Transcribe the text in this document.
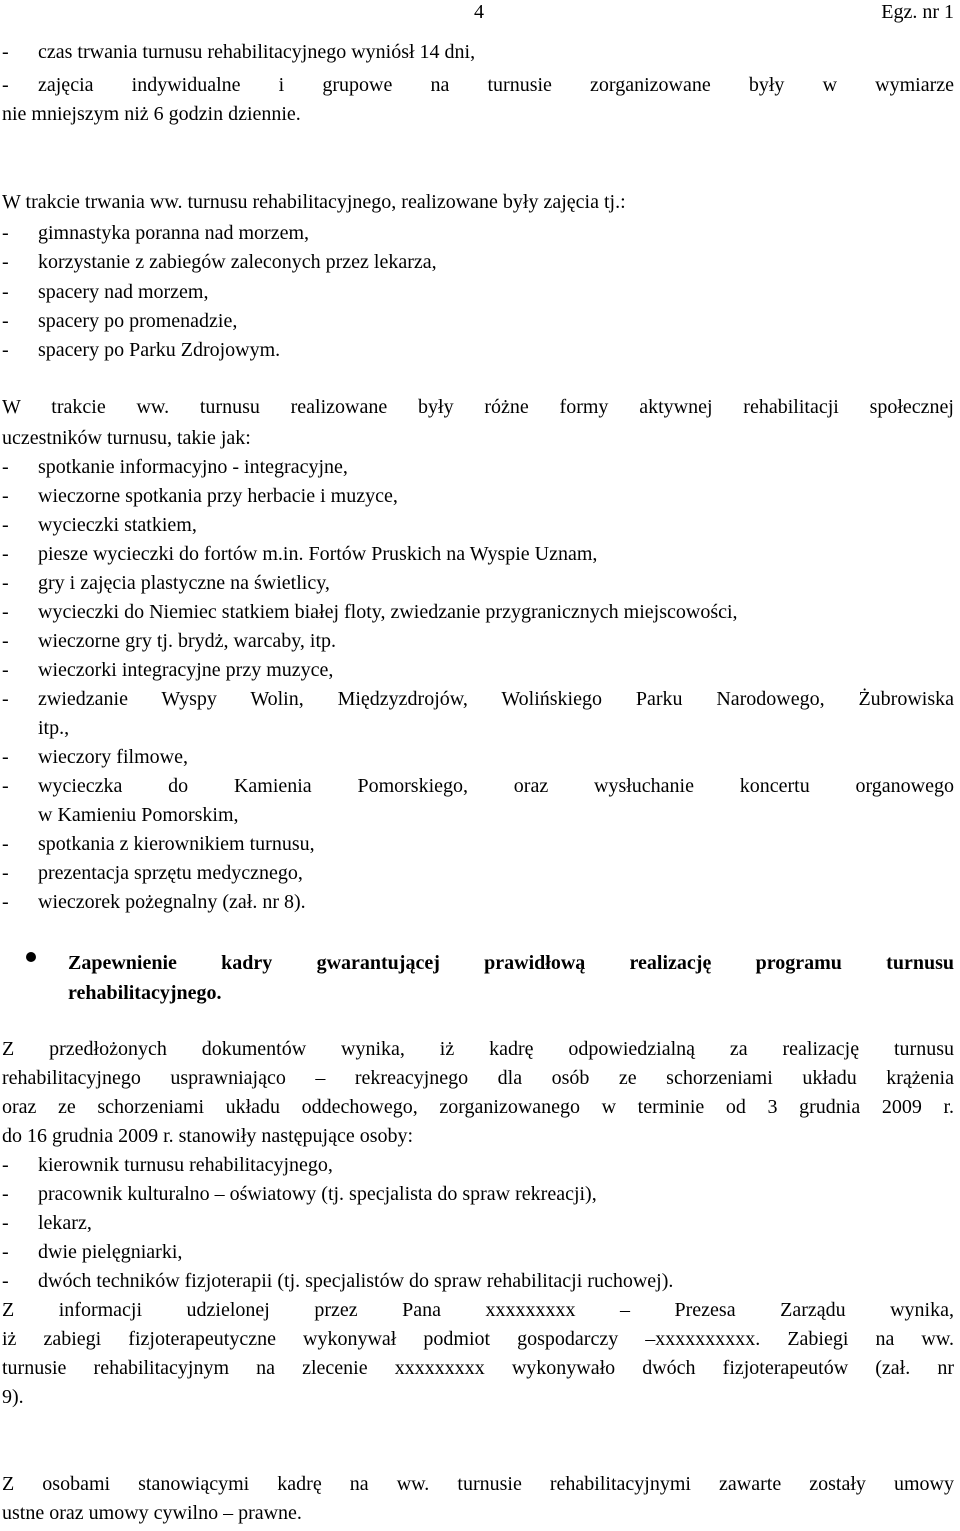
4	Egz. nr 1
- czas trwania turnusu rehabilitacyjnego wyniósł 14 dni,
- zajęcia indywidualne i grupowe na turnusie zorganizowane były w wymiarze
nie mniejszym niż 6 godzin dziennie.
W trakcie trwania ww. turnusu rehabilitacyjnego, realizowane były zajęcia tj.:
- gimnastyka poranna nad morzem,
- korzystanie z zabiegów zaleconych przez lekarza,
- spacery nad morzem,
- spacery po promenadzie,
- spacery po Parku Zdrojowym.
W trakcie ww. turnusu realizowane były różne formy aktywnej rehabilitacji społecznej
uczestników turnusu, takie jak:
- spotkanie informacyjno - integracyjne,
- wieczorne spotkania przy herbacie i muzyce,
- wycieczki statkiem,
- piesze wycieczki do fortów m.in. Fortów Pruskich na Wyspie Uznam,
- gry i zajęcia plastyczne na świetlicy,
- wycieczki do Niemiec statkiem białej floty, zwiedzanie przygranicznych miejscowości,
- wieczorne gry tj. brydż, warcaby, itp.
- wieczorki integracyjne przy muzyce,
- zwiedzanie Wyspy Wolin, Międzyzdrojów, Wolińskiego Parku Narodowego, Żubrowiska
itp.,
- wieczory filmowe,
- wycieczka do Kamienia Pomorskiego, oraz wysłuchanie koncertu organowego
w Kamieniu Pomorskim,
- spotkania z kierownikiem turnusu,
- prezentacja sprzętu medycznego,
- wieczorek pożegnalny (zał. nr 8).
Zapewnienie kadry gwarantującej prawidłową realizację programu turnusu
rehabilitacyjnego.
Z przedłożonych dokumentów wynika, iż kadrę odpowiedzialną za realizację turnusu
rehabilitacyjnego usprawniająco – rekreacyjnego dla osób ze schorzeniami układu krążenia
oraz ze schorzeniami układu oddechowego, zorganizowanego w terminie od 3 grudnia 2009 r.
do 16 grudnia 2009 r. stanowiły następujące osoby:
- kierownik turnusu rehabilitacyjnego,
- pracownik kulturalno – oświatowy (tj. specjalista do spraw rekreacji),
- lekarz,
- dwie pielęgniarki,
- dwóch techników fizjoterapii (tj. specjalistów do spraw rehabilitacji ruchowej).
Z informacji udzielonej przez Pana xxxxxxxxx – Prezesa Zarządu wynika,
iż zabiegi fizjoterapeutyczne wykonywał podmiot gospodarczy –xxxxxxxxxx. Zabiegi na ww.
turnusie rehabilitacyjnym na zlecenie xxxxxxxxx wykonywało dwóch fizjoterapeutów (zał. nr
9).
Z osobami stanowiącymi kadrę na ww. turnusie rehabilitacyjnymi zawarte zostały umowy
ustne oraz umowy cywilno – prawne.
